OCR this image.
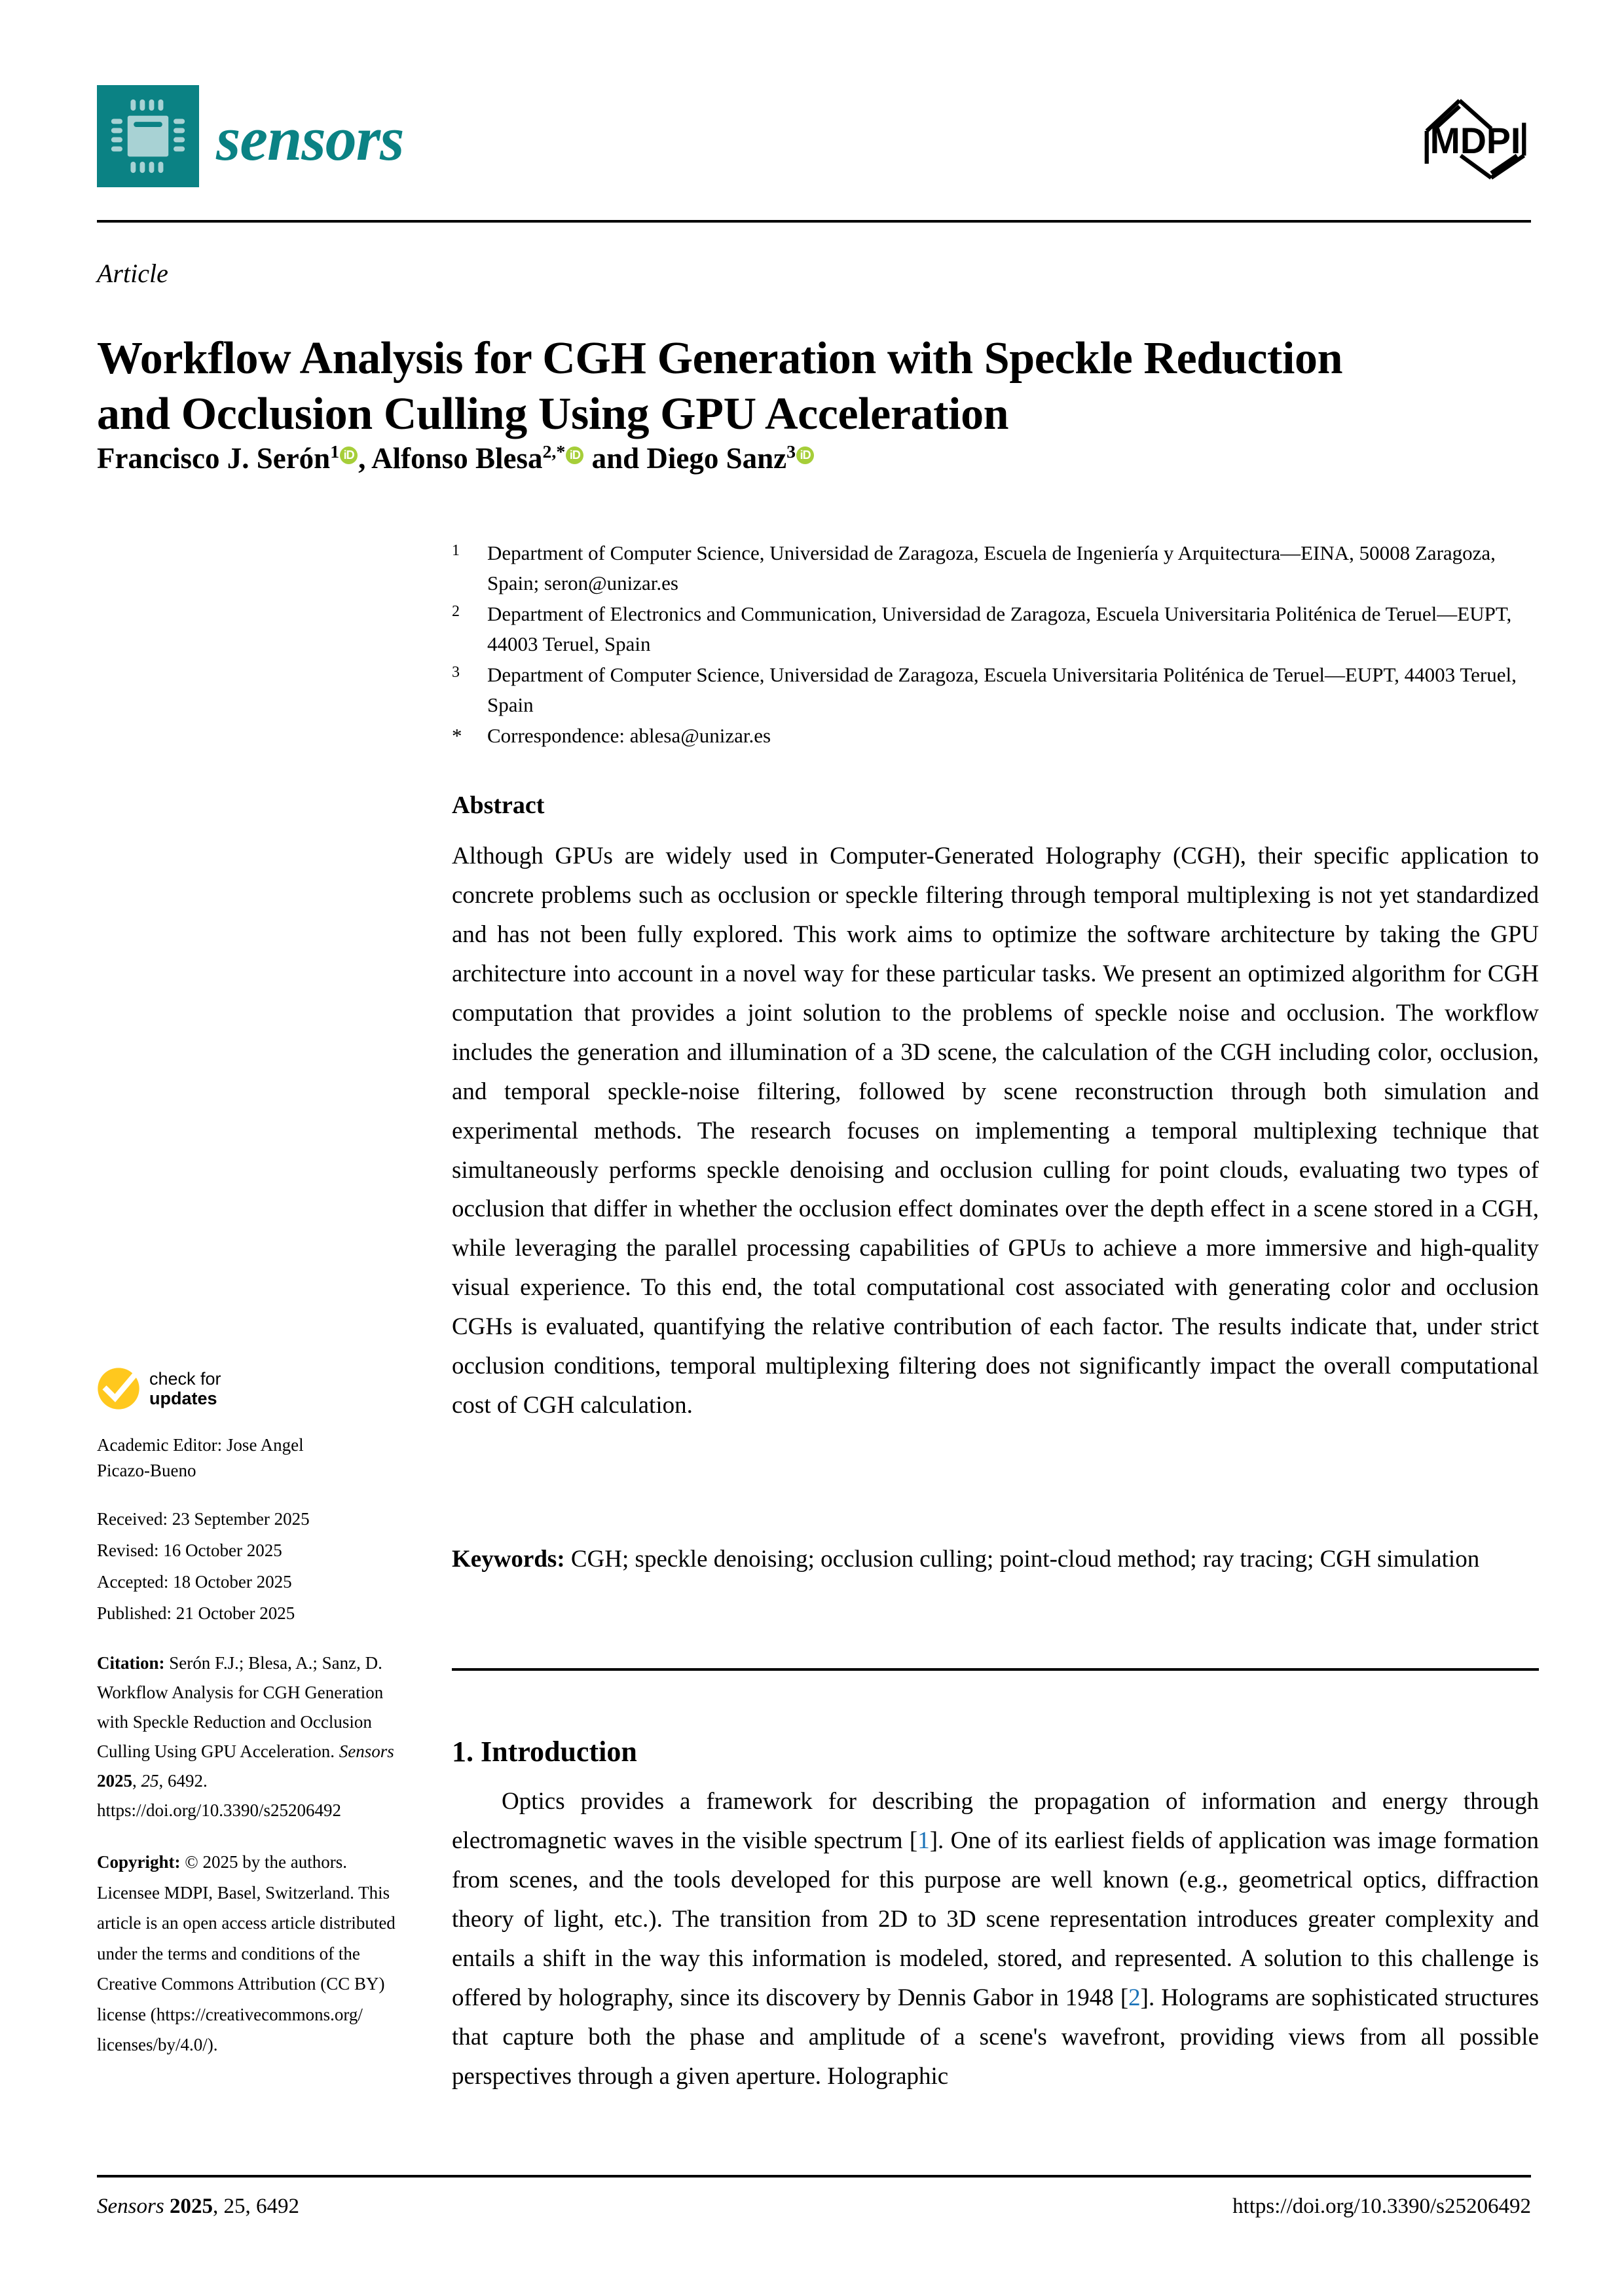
sensors	MDPI
Article
Workflow Analysis for CGH Generation with Speckle Reduction
and Occlusion Culling Using GPU Acceleration
Francisco J. Serón$^1$ iD , Alfonso Blesa$^{2,*}$ iD and Diego Sanz$^3$ iD
1	Department of Computer Science, Universidad de Zaragoza, Escuela de Ingeniería y Arquitectura—EINA, 50008 Zaragoza, Spain; seron@unizar.es
2	Department of Electronics and Communication, Universidad de Zaragoza, Escuela Universitaria Politénica de Teruel—EUPT, 44003 Teruel, Spain
3	Department of Computer Science, Universidad de Zaragoza, Escuela Universitaria Politénica de Teruel—EUPT, 44003 Teruel, Spain
*	Correspondence: ablesa@unizar.es
Abstract
Although GPUs are widely used in Computer-Generated Holography (CGH), their specific application to concrete problems such as occlusion or speckle filtering through temporal multiplexing is not yet standardized and has not been fully explored. This work aims to optimize the software architecture by taking the GPU architecture into account in a novel way for these particular tasks. We present an optimized algorithm for CGH computation that provides a joint solution to the problems of speckle noise and occlusion. The workflow includes the generation and illumination of a 3D scene, the calculation of the CGH including color, occlusion, and temporal speckle-noise filtering, followed by scene reconstruction through both simulation and experimental methods. The research focuses on implementing a temporal multiplexing technique that simultaneously performs speckle denoising and occlusion culling for point clouds, evaluating two types of occlusion that differ in whether the occlusion effect dominates over the depth effect in a scene stored in a CGH, while leveraging the parallel processing capabilities of GPUs to achieve a more immersive and high-quality visual experience. To this end, the total computational cost associated with generating color and occlusion CGHs is evaluated, quantifying the relative contribution of each factor. The results indicate that, under strict occlusion conditions, temporal multiplexing filtering does not significantly impact the overall computational cost of CGH calculation.
Keywords: CGH; speckle denoising; occlusion culling; point-cloud method; ray tracing; CGH simulation
1. Introduction
Optics provides a framework for describing the propagation of information and energy through electromagnetic waves in the visible spectrum [1]. One of its earliest fields of application was image formation from scenes, and the tools developed for this purpose are well known (e.g., geometrical optics, diffraction theory of light, etc.). The transition from 2D to 3D scene representation introduces greater complexity and entails a shift in the way this information is modeled, stored, and represented. A solution to this challenge is offered by holography, since its discovery by Dennis Gabor in 1948 [2]. Holograms are sophisticated structures that capture both the phase and amplitude of a scene's wavefront, providing views from all possible perspectives through a given aperture. Holographic
check for
updates
Academic Editor: Jose Angel
Picazo-Bueno
Received: 23 September 2025
Revised: 16 October 2025
Accepted: 18 October 2025
Published: 21 October 2025
Citation: Serón F.J.; Blesa, A.; Sanz, D. Workflow Analysis for CGH Generation with Speckle Reduction and Occlusion Culling Using GPU Acceleration. Sensors 2025, 25, 6492. https://doi.org/10.3390/s25206492
Copyright: © 2025 by the authors. Licensee MDPI, Basel, Switzerland. This article is an open access article distributed under the terms and conditions of the Creative Commons Attribution (CC BY) license (https://creativecommons.org/ licenses/by/4.0/).
Sensors 2025, 25, 6492	https://doi.org/10.3390/s25206492
